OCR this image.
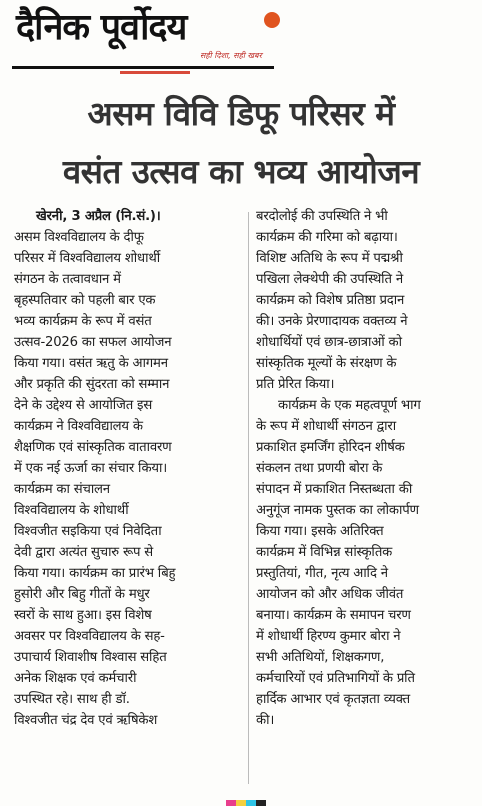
दैनिक पूर्वोदय
सही दिशा, सही खबर
असम विवि डिफू परिसर में
वसंत उत्सव का भव्य आयोजन
खेरनी, 3 अप्रैल (नि.सं.)।
असम विश्वविद्यालय के दीफू
परिसर में विश्वविद्यालय शोधार्थी
संगठन के तत्वावधान में
बृहस्पतिवार को पहली बार एक
भव्य कार्यक्रम के रूप में वसंत
उत्सव-2026 का सफल आयोजन
किया गया। वसंत ऋतु के आगमन
और प्रकृति की सुंदरता को सम्मान
देने के उद्देश्य से आयोजित इस
कार्यक्रम ने विश्वविद्यालय के
शैक्षणिक एवं सांस्कृतिक वातावरण
में एक नई ऊर्जा का संचार किया।
कार्यक्रम का संचालन
विश्वविद्यालय के शोधार्थी
विश्वजीत सइकिया एवं निवेदिता
देवी द्वारा अत्यंत सुचारु रूप से
किया गया। कार्यक्रम का प्रारंभ बिहु
हुसोरी और बिहु गीतों के मधुर
स्वरों के साथ हुआ। इस विशेष
अवसर पर विश्वविद्यालय के सह-
उपाचार्य शिवाशीष विश्वास सहित
अनेक शिक्षक एवं कर्मचारी
उपस्थित रहे। साथ ही डॉ.
विश्वजीत चंद्र देव एवं ऋषिकेश
बरदोलोई की उपस्थिति ने भी
कार्यक्रम की गरिमा को बढ़ाया।
विशिष्ट अतिथि के रूप में पद्मश्री
पखिला लेक्थेपी की उपस्थिति ने
कार्यक्रम को विशेष प्रतिष्ठा प्रदान
की। उनके प्रेरणादायक वक्तव्य ने
शोधार्थियों एवं छात्र-छात्राओं को
सांस्कृतिक मूल्यों के संरक्षण के
प्रति प्रेरित किया।
कार्यक्रम के एक महत्वपूर्ण भाग
के रूप में शोधार्थी संगठन द्वारा
प्रकाशित इमर्जिंग होरिदन शीर्षक
संकलन तथा प्रणयी बोरा के
संपादन में प्रकाशित निस्तब्धता की
अनुगूंज नामक पुस्तक का लोकार्पण
किया गया। इसके अतिरिक्त
कार्यक्रम में विभिन्न सांस्कृतिक
प्रस्तुतियां, गीत, नृत्य आदि ने
आयोजन को और अधिक जीवंत
बनाया। कार्यक्रम के समापन चरण
में शोधार्थी हिरण्य कुमार बोरा ने
सभी अतिथियों, शिक्षकगण,
कर्मचारियों एवं प्रतिभागियों के प्रति
हार्दिक आभार एवं कृतज्ञता व्यक्त
की।
